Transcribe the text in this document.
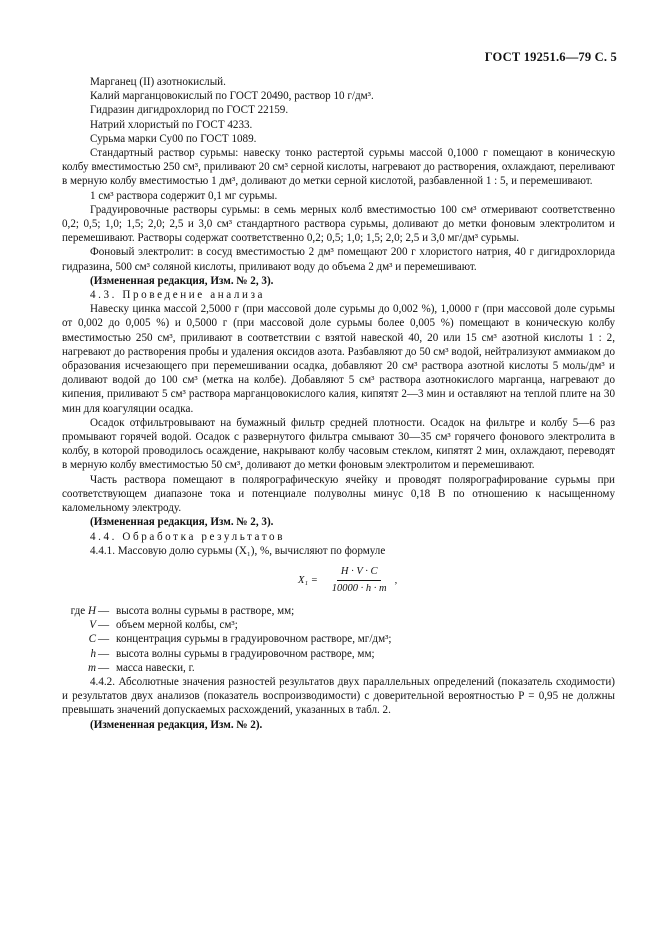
ГОСТ 19251.6—79 С. 5

Марганец (II) азотнокислый.

Калий марганцовокислый по ГОСТ 20490, раствор 10 г/дм³.

Гидразин дигидрохлорид по ГОСТ 22159.

Натрий хлористый по ГОСТ 4233.

Сурьма марки Су00 по ГОСТ 1089.

Стандартный раствор сурьмы: навеску тонко растертой сурьмы массой 0,1000 г помещают в коническую колбу вместимостью 250 см³, приливают 20 см³ серной кислоты, нагревают до растворения, охлаждают, переливают в мерную колбу вместимостью 1 дм³, доливают до метки серной кислотой, разбавленной 1 : 5, и перемешивают.

1 см³ раствора содержит 0,1 мг сурьмы.

Градуировочные растворы сурьмы: в семь мерных колб вместимостью 100 см³ отмеривают соответственно 0,2; 0,5; 1,0; 1,5; 2,0; 2,5 и 3,0 см³ стандартного раствора сурьмы, доливают до метки фоновым электролитом и перемешивают. Растворы содержат соответственно 0,2; 0,5; 1,0; 1,5; 2,0; 2,5 и 3,0 мг/дм³ сурьмы.

Фоновый электролит: в сосуд вместимостью 2 дм³ помещают 200 г хлористого натрия, 40 г дигидрохлорида гидразина, 500 см³ соляной кислоты, приливают воду до объема 2 дм³ и перемешивают.

(Измененная редакция, Изм. № 2, 3).

4.3. Проведение анализа

Навеску цинка массой 2,5000 г (при массовой доле сурьмы до 0,002 %), 1,0000 г (при массовой доле сурьмы от 0,002 до 0,005 %) и 0,5000 г (при массовой доле сурьмы более 0,005 %) помещают в коническую колбу вместимостью 250 см³, приливают в соответствии с взятой навеской 40, 20 или 15 см³ азотной кислоты 1 : 2, нагревают до растворения пробы и удаления оксидов азота. Разбавляют до 50 см³ водой, нейтрализуют аммиаком до образования исчезающего при перемешивании осадка, добавляют 20 см³ раствора азотной кислоты 5 моль/дм³ и доливают водой до 100 см³ (метка на колбе). Добавляют 5 см³ раствора азотнокислого марганца, нагревают до кипения, приливают 5 см³ раствора марганцовокислого калия, кипятят 2—3 мин и оставляют на теплой плите на 30 мин для коагуляции осадка.

Осадок отфильтровывают на бумажный фильтр средней плотности. Осадок на фильтре и колбу 5—6 раз промывают горячей водой. Осадок с развернутого фильтра смывают 30—35 см³ горячего фонового электролита в колбу, в которой проводилось осаждение, накрывают колбу часовым стеклом, кипятят 2 мин, охлаждают, переводят в мерную колбу вместимостью 50 см³, доливают до метки фоновым электролитом и перемешивают.

Часть раствора помещают в полярографическую ячейку и проводят полярографирование сурьмы при соответствующем диапазоне тока и потенциале полуволны минус 0,18 В по отношению к насыщенному каломельному электроду.

(Измененная редакция, Изм. № 2, 3).

4.4. Обработка результатов

4.4.1. Массовую долю сурьмы (X₁), %, вычисляют по формуле

$X_1 = \frac{H \cdot V \cdot C}{10000 \cdot h \cdot m}$ ,
где H — высота волны сурьмы в растворе, мм;
V — объем мерной колбы, см³;
C — концентрация сурьмы в градуировочном растворе, мг/дм³;
h — высота волны сурьмы в градуировочном растворе, мм;
m — масса навески, г.

4.4.2. Абсолютные значения разностей результатов двух параллельных определений (показатель сходимости) и результатов двух анализов (показатель воспроизводимости) с доверительной вероятностью P = 0,95 не должны превышать значений допускаемых расхождений, указанных в табл. 2.

(Измененная редакция, Изм. № 2).
